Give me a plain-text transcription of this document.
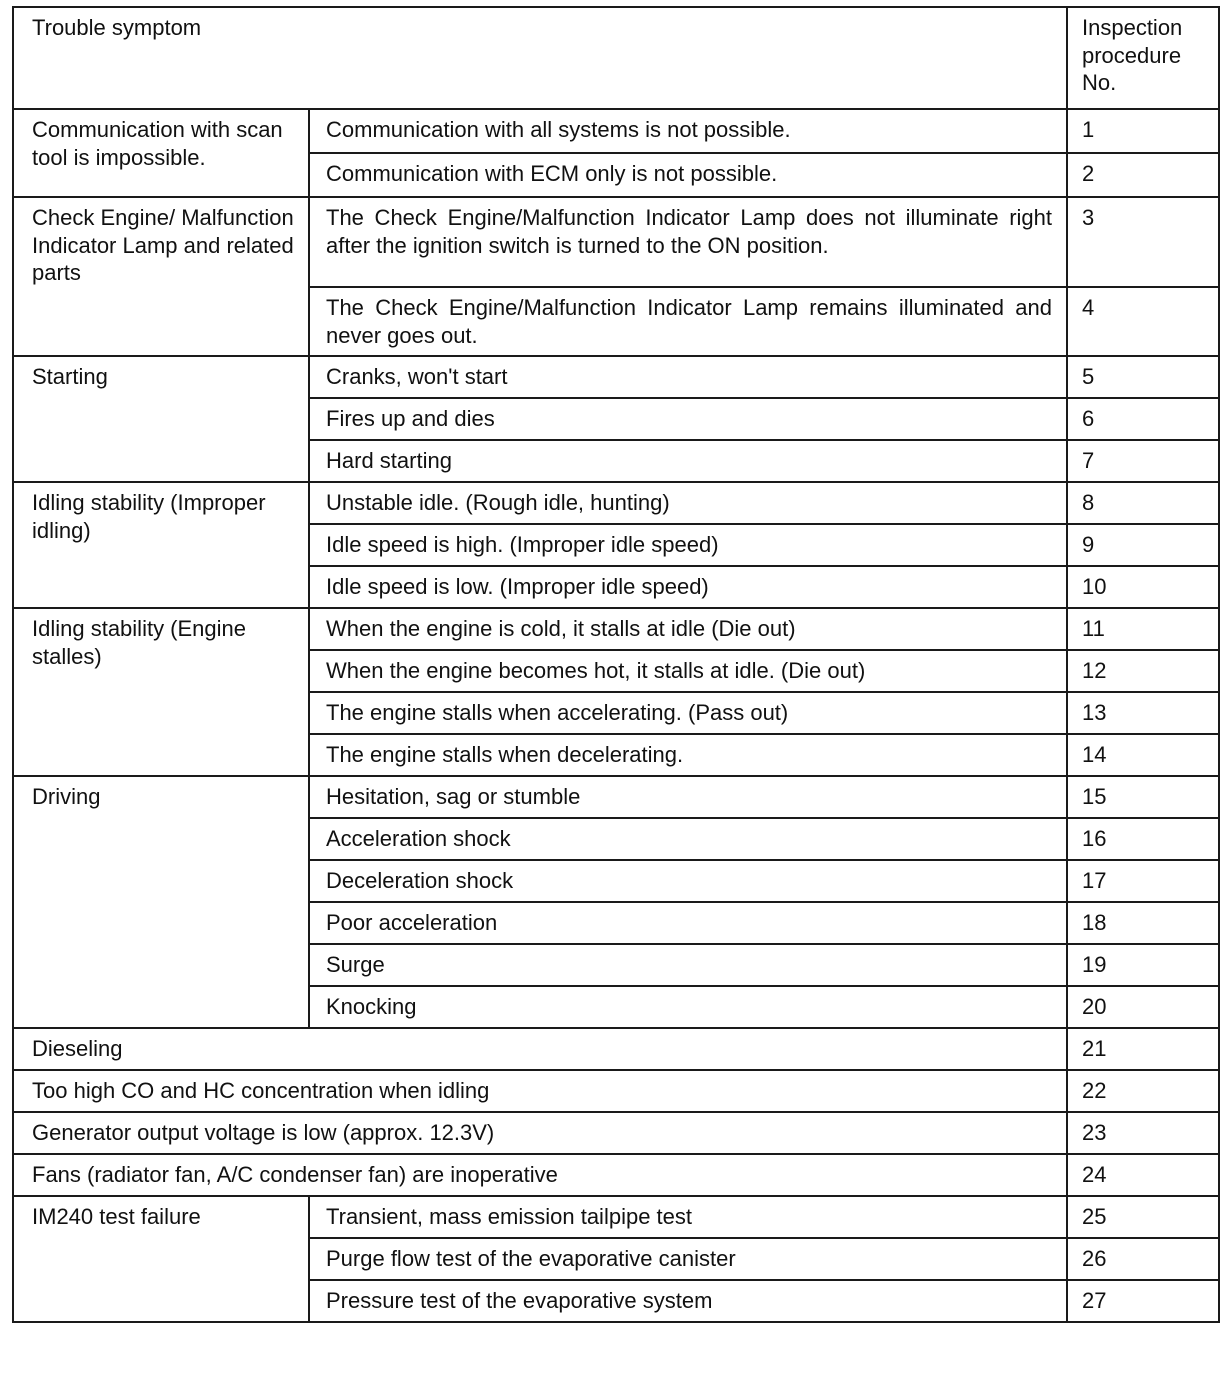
Trouble symptom		Inspection procedure No.
Communication with scan tool is impossible.	Communication with all systems is not possible.	1
	Communication with ECM only is not possible.	2
Check Engine/ Malfunction Indicator Lamp and related parts	The Check Engine/Malfunction Indicator Lamp does not illuminate right after the ignition switch is turned to the ON position.	3
	The Check Engine/Malfunction Indicator Lamp remains illuminated and never goes out.	4
Starting	Cranks, won't start	5
	Fires up and dies	6
	Hard starting	7
Idling stability (Improper idling)	Unstable idle. (Rough idle, hunting)	8
	Idle speed is high. (Improper idle speed)	9
	Idle speed is low. (Improper idle speed)	10
Idling stability (Engine stalles)	When the engine is cold, it stalls at idle (Die out)	11
	When the engine becomes hot, it stalls at idle. (Die out)	12
	The engine stalls when accelerating. (Pass out)	13
	The engine stalls when decelerating.	14
Driving	Hesitation, sag or stumble	15
	Acceleration shock	16
	Deceleration shock	17
	Poor acceleration	18
	Surge	19
	Knocking	20
Dieseling		21
Too high CO and HC concentration when idling		22
Generator output voltage is low (approx. 12.3V)		23
Fans (radiator fan, A/C condenser fan) are inoperative		24
IM240 test failure	Transient, mass emission tailpipe test	25
	Purge flow test of the evaporative canister	26
	Pressure test of the evaporative system	27
